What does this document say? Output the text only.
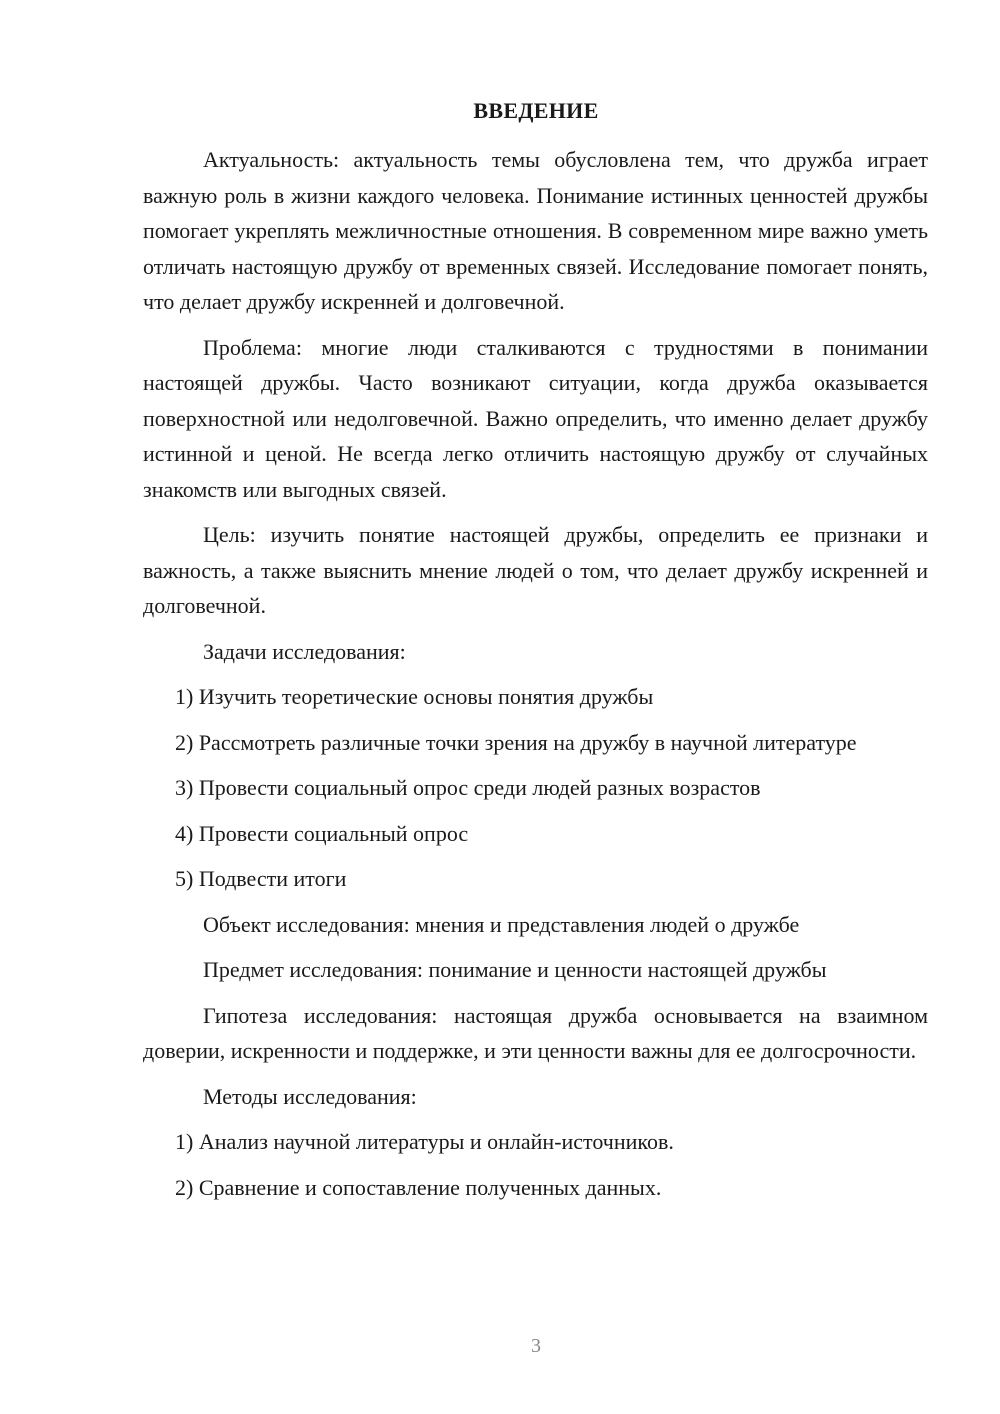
ВВЕДЕНИЕ

Актуальность: актуальность темы обусловлена тем, что дружба играет важную роль в жизни каждого человека. Понимание истинных ценностей дружбы помогает укреплять межличностные отношения. В современном мире важно уметь отличать настоящую дружбу от временных связей. Исследование помогает понять, что делает дружбу искренней и долговечной.

Проблема: многие люди сталкиваются с трудностями в понимании настоящей дружбы. Часто возникают ситуации, когда дружба оказывается поверхностной или недолговечной. Важно определить, что именно делает дружбу истинной и ценой. Не всегда легко отличить настоящую дружбу от случайных знакомств или выгодных связей.

Цель: изучить понятие настоящей дружбы, определить ее признаки и важность, а также выяснить мнение людей о том, что делает дружбу искренней и долговечной.

Задачи исследования:

1) Изучить теоретические основы понятия дружбы

2) Рассмотреть различные точки зрения на дружбу в научной литературе

3) Провести социальный опрос среди людей разных возрастов

4) Провести социальный опрос

5) Подвести итоги

Объект исследования: мнения и представления людей о дружбе

Предмет исследования: понимание и ценности настоящей дружбы

Гипотеза исследования: настоящая дружба основывается на взаимном доверии, искренности и поддержке, и эти ценности важны для ее долгосрочности.

Методы исследования:

1) Анализ научной литературы и онлайн-источников.

2) Сравнение и сопоставление полученных данных.

3
